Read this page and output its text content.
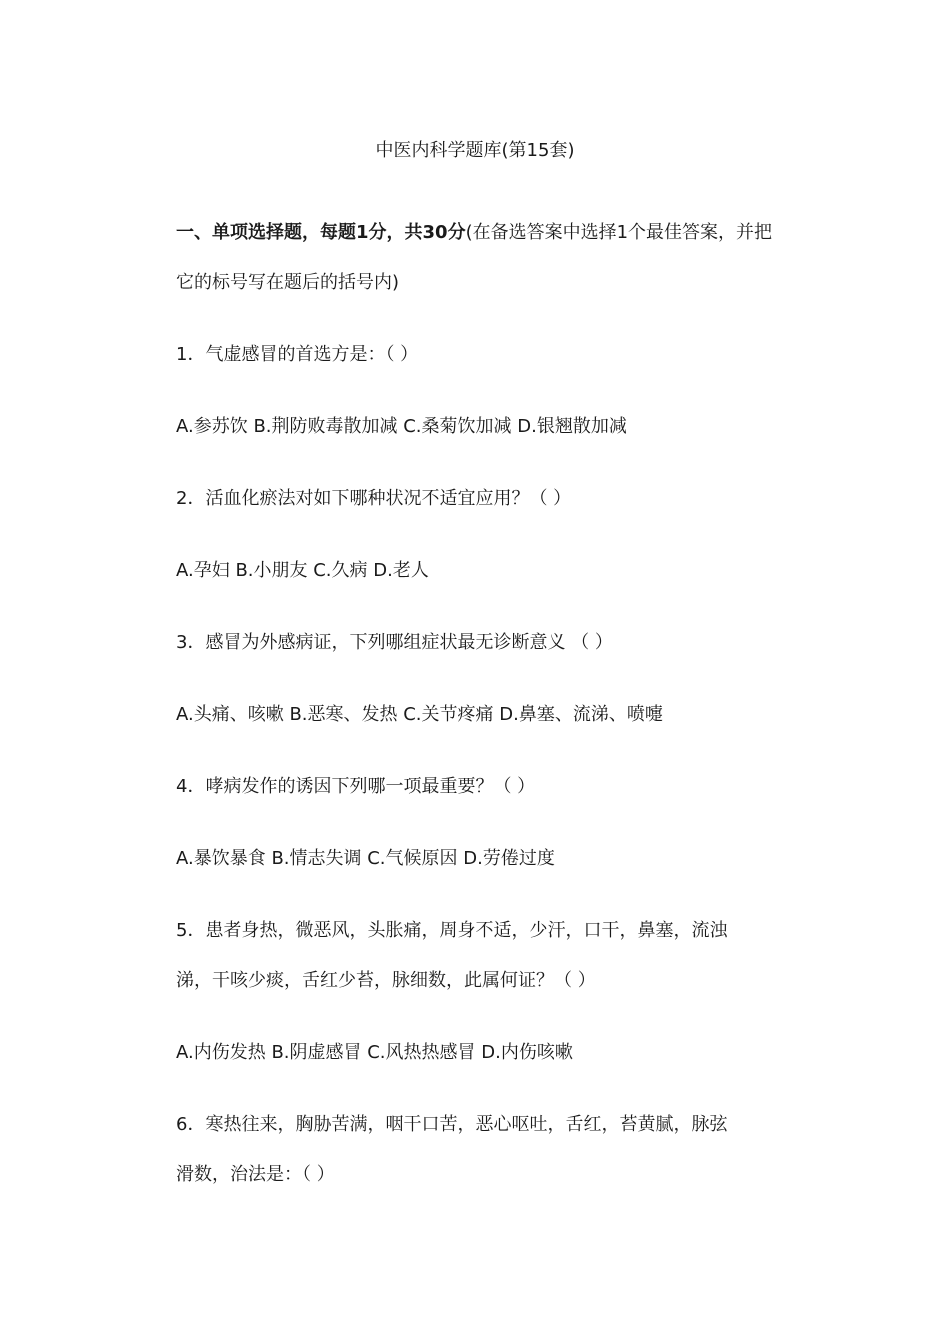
中医内科学题库(第15套)

一、单项选择题，每题1分，共30分(在备选答案中选择1个最佳答案，并把它的标号写在题后的括号内)

1．气虚感冒的首选方是：（ ）

A.参苏饮 B.荆防败毒散加减 C.桑菊饮加减 D.银翘散加减

2．活血化瘀法对如下哪种状况不适宜应用？（ ）

A.孕妇 B.小朋友 C.久病 D.老人

3．感冒为外感病证，下列哪组症状最无诊断意义 （ ）

A.头痛、咳嗽 B.恶寒、发热 C.关节疼痛 D.鼻塞、流涕、喷嚏

4．哮病发作的诱因下列哪一项最重要？（ ）

A.暴饮暴食 B.情志失调 C.气候原因 D.劳倦过度

5．患者身热，微恶风，头胀痛，周身不适，少汗，口干，鼻塞，流浊

涕，干咳少痰，舌红少苔，脉细数，此属何证？（ ）

A.内伤发热 B.阴虚感冒 C.风热热感冒 D.内伤咳嗽

6．寒热往来，胸胁苦满，咽干口苦，恶心呕吐，舌红，苔黄腻，脉弦

滑数，治法是：（ ）
